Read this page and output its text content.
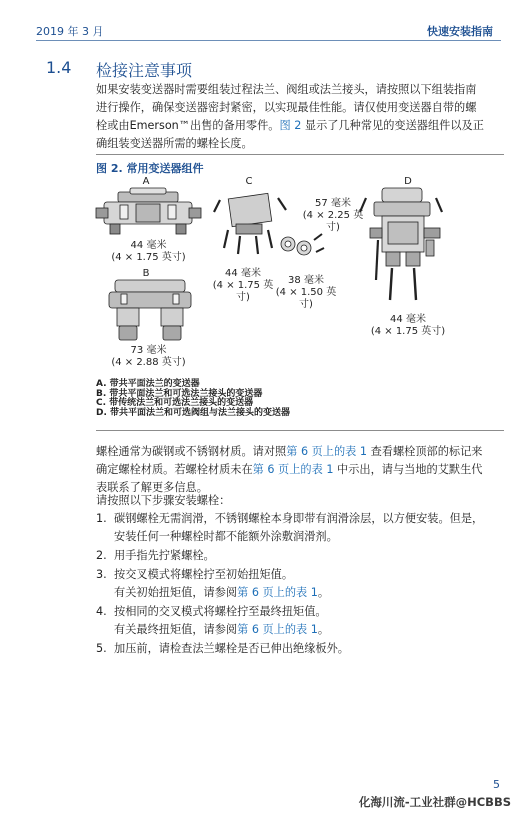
2019 年 3 月	快速安装指南
1.4 检接注意事项
如果安装变送器时需要组装过程法兰、阀组或法兰接头，请按照以下组装指南
进行操作，确保变送器密封紧密，以实现最佳性能。请仅使用变送器自带的螺
栓或由Emerson™出售的备用零件。图 2 显示了几种常见的变送器组件以及正
确组装变送器所需的螺栓长度。
图 2. 常用变送器组件
A
B
C	D
44 毫米
(4 × 1.75 英寸)
73 毫米
(4 × 2.88 英寸)
44 毫米
(4 × 1.75 英寸)
38 毫米
(4 × 1.50 英寸)
57 毫米
(4 × 2.25 英寸)
44 毫米
(4 × 1.75 英寸)
A. 带共平面法兰的变送器
B. 带共平面法兰和可选法兰接头的变送器
C. 带传统法兰和可选法兰接头的变送器
D. 带共平面法兰和可选阀组与法兰接头的变送器
螺栓通常为碳钢或不锈钢材质。请对照第 6 页上的表 1 查看螺栓顶部的标记来
确定螺栓材质。若螺栓材质未在第 6 页上的表 1 中示出，请与当地的艾默生代
表联系了解更多信息。
请按照以下步骤安装螺栓：
1. 碳钢螺栓无需润滑，不锈钢螺栓本身即带有润滑涂层，以方便安装。但是，
安装任何一种螺栓时都不能额外涂敷润滑剂。
2. 用手指先拧紧螺栓。
3. 按交叉模式将螺栓拧至初始扭矩值。
有关初始扭矩值，请参阅第 6 页上的表 1。
4. 按相同的交叉模式将螺栓拧至最终扭矩值。
有关最终扭矩值，请参阅第 6 页上的表 1。
5. 加压前，请检查法兰螺栓是否已伸出绝缘板外。
5
化海川流-工业社群@HCBBS
